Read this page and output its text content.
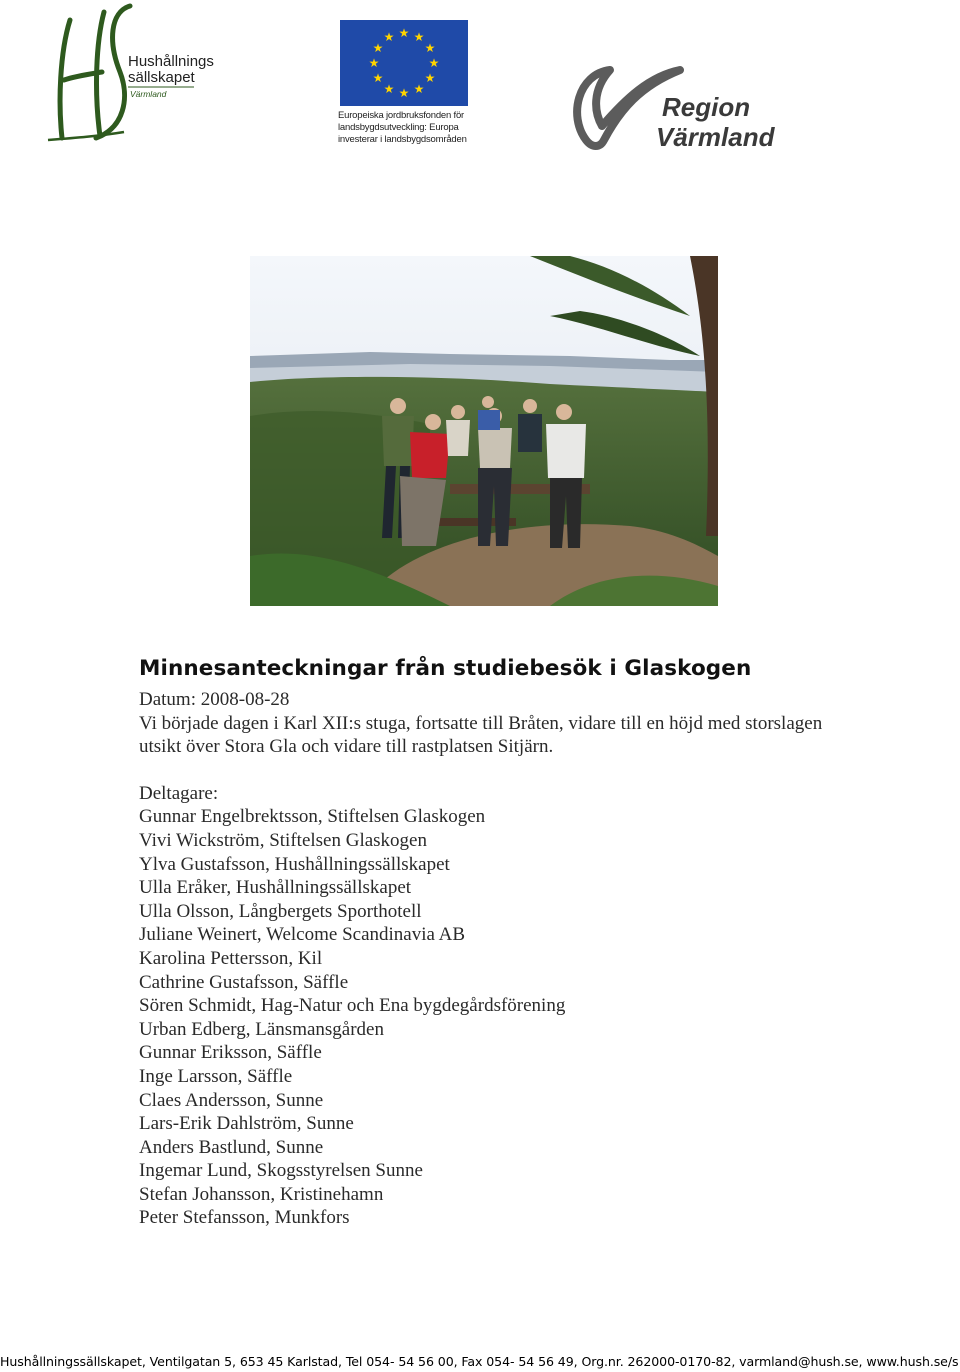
Hushållnings
sällskapet
Värmland
★ ★
★
★
★
★
★
★
★
★
★
★
Europeiska jordbruksfonden för
landsbygdsutveckling: Europa
investerar i landsbygdsområden
Region
Värmland
Minnesanteckningar från studiebesök i Glaskogen

Datum: 2008-08-28

Vi började dagen i Karl XII:s stuga, fortsatte till Bråten, vidare till en höjd med storslagen utsikt över Stora Gla och vidare till rastplatsen Sitjärn.

Deltagare:

Gunnar Engelbrektsson, Stiftelsen Glaskogen
Vivi Wickström, Stiftelsen Glaskogen
Ylva Gustafsson, Hushållningssällskapet
Ulla Eråker, Hushållningssällskapet
Ulla Olsson, Långbergets Sporthotell
Juliane Weinert, Welcome Scandinavia AB
Karolina Pettersson, Kil
Cathrine Gustafsson, Säffle
Sören Schmidt, Hag-Natur och Ena bygdegårdsförening
Urban Edberg, Länsmansgården
Gunnar Eriksson, Säffle
Inge Larsson, Säffle
Claes Andersson, Sunne
Lars-Erik Dahlström, Sunne
Anders Bastlund, Sunne
Ingemar Lund, Skogsstyrelsen Sunne
Stefan Johansson, Kristinehamn
Peter Stefansson, Munkfors
Hushållningssällskapet, Ventilgatan 5, 653 45 Karlstad, Tel 054- 54 56 00, Fax 054- 54 56 49, Org.nr. 262000-0170-82, varmland@hush.se, www.hush.se/s
